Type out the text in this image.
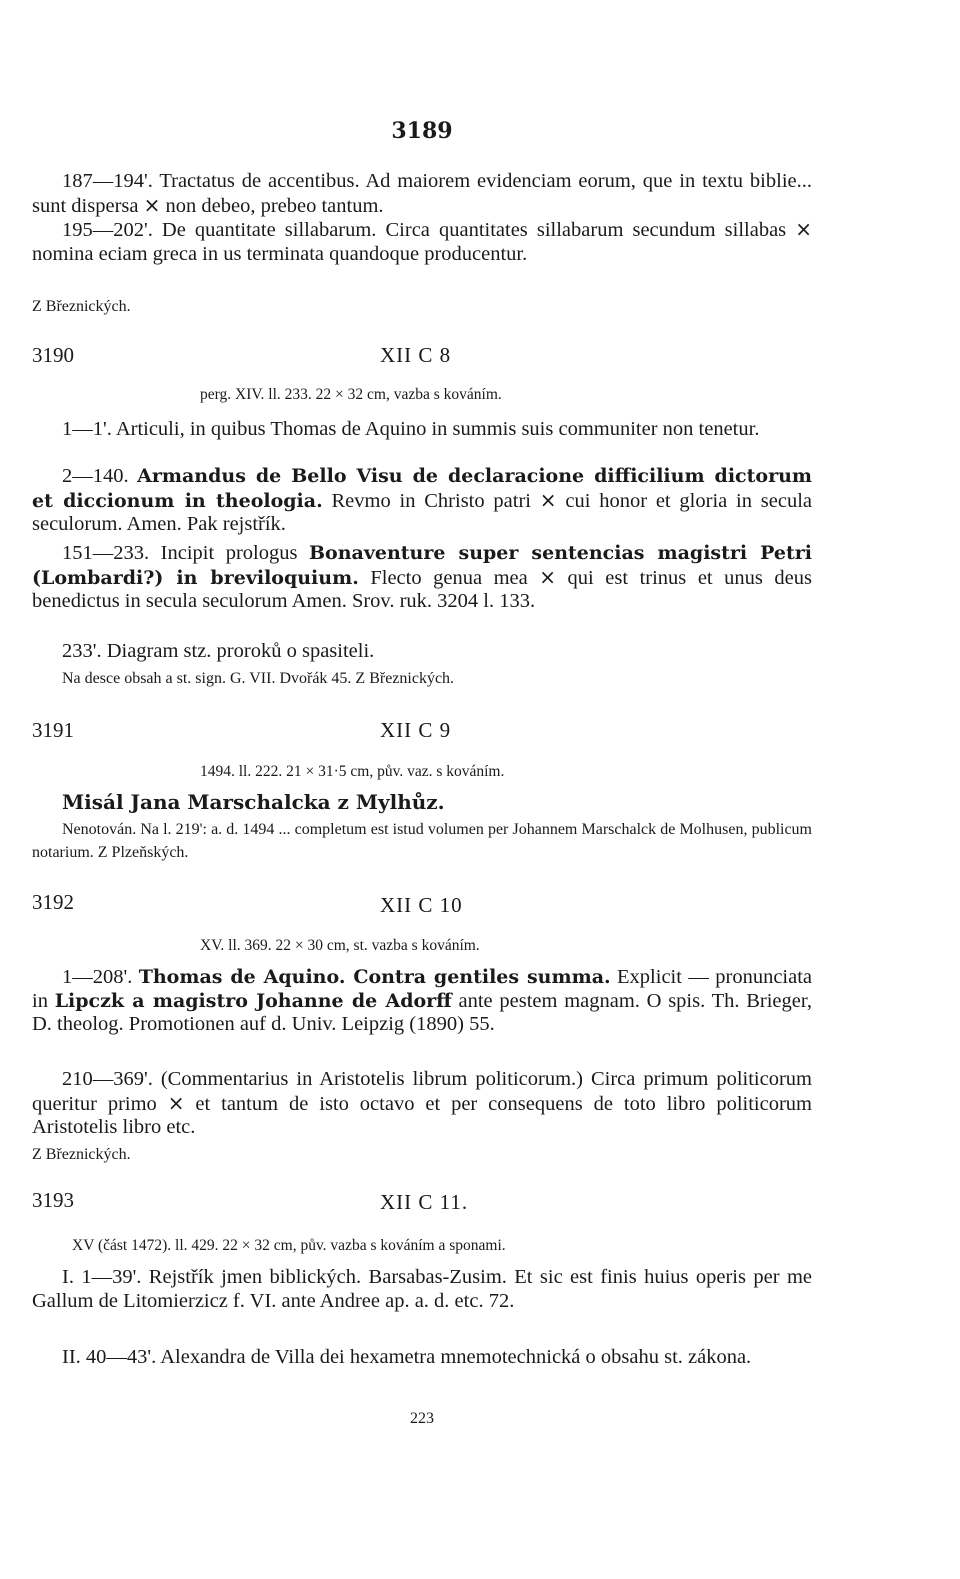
3189

187—194'. Tractatus de accentibus. Ad maiorem evidenciam eorum, que in textu biblie... sunt dispersa × non debeo, prebeo tantum.

195—202'. De quantitate sillabarum. Circa quantitates sillabarum secundum sillabas × nomina eciam greca in us terminata quandoque producentur.

Z Březnických.

3190	XII C 8
perg. XIV. ll. 233. 22 × 32 cm, vazba s kováním.

1—1'. Articuli, in quibus Thomas de Aquino in summis suis communiter non tenetur.

2—140. Armandus de Bello Visu de declaracione difficilium dictorum et diccionum in theologia. Revmo in Christo patri × cui honor et gloria in secula seculorum. Amen. Pak rejstřík.

151—233. Incipit prologus Bonaventure super sentencias magistri Petri (Lombardi?) in breviloquium. Flecto genua mea × qui est trinus et unus deus benedictus in secula seculorum Amen. Srov. ruk. 3204 l. 133.

233'. Diagram stz. proroků o spasiteli.

Na desce obsah a st. sign. G. VII. Dvořák 45. Z Březnických.

3191	XII C 9
1494. ll. 222. 21 × 31·5 cm, pův. vaz. s kováním.

Misál Jana Marschalcka z Mylhůz.

Nenotován. Na l. 219': a. d. 1494 ... completum est istud volumen per Johannem Marschalck de Molhusen, publicum notarium. Z Plzeňských.

3192	XII C 10
XV. ll. 369. 22 × 30 cm, st. vazba s kováním.

1—208'. Thomas de Aquino. Contra gentiles summa. Explicit — pronunciata in Lipczk a magistro Johanne de Adorff ante pestem magnam. O spis. Th. Brieger, D. theolog. Promotionen auf d. Univ. Leipzig (1890) 55.

210—369'. (Commentarius in Aristotelis librum politicorum.) Circa primum politicorum queritur primo × et tantum de isto octavo et per consequens de toto libro politicorum Aristotelis libro etc.

Z Březnických.

3193	XII C 11.
XV (část 1472). ll. 429. 22 × 32 cm, pův. vazba s kováním a sponami.

I. 1—39'. Rejstřík jmen biblických. Barsabas-Zusim. Et sic est finis huius operis per me Gallum de Litomierzicz f. VI. ante Andree ap. a. d. etc. 72.

II. 40—43'. Alexandra de Villa dei hexametra mnemotechnická o obsahu st. zákona.

223
